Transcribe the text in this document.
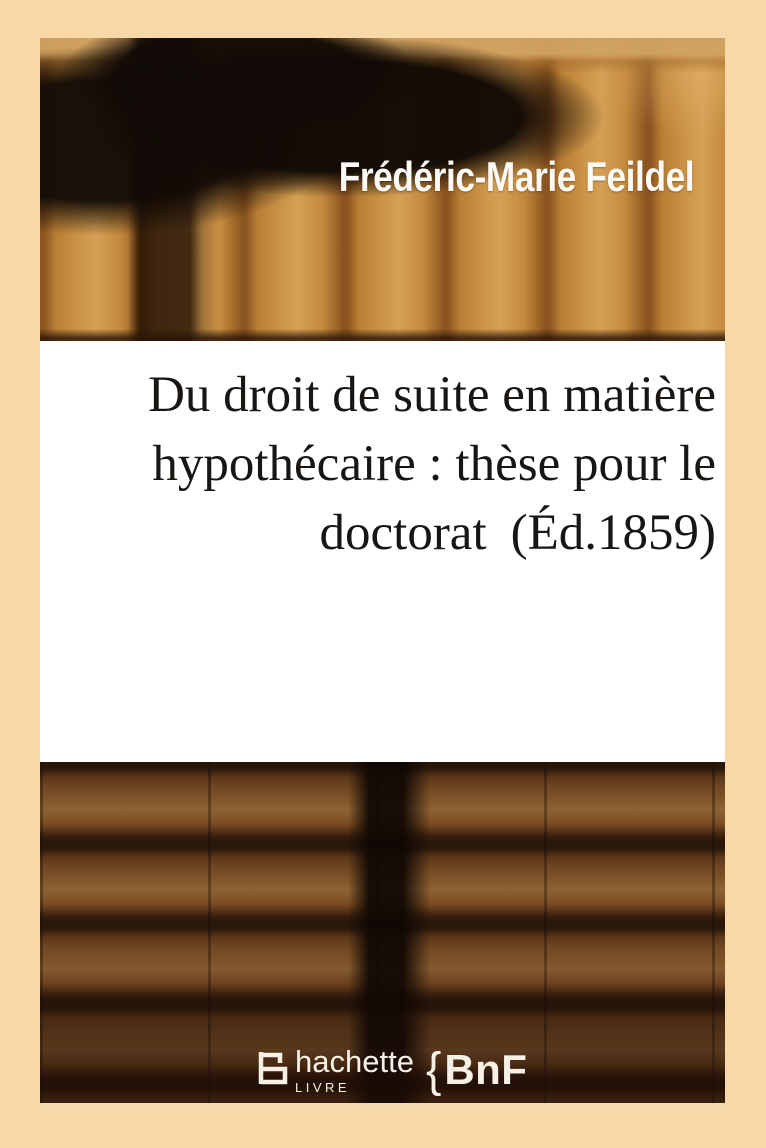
Frédéric-Marie Feildel
Du droit de suite en matière
hypothécaire : thèse pour le
doctorat (Éd.1859)
hachette
LIVRE	{ BnF
